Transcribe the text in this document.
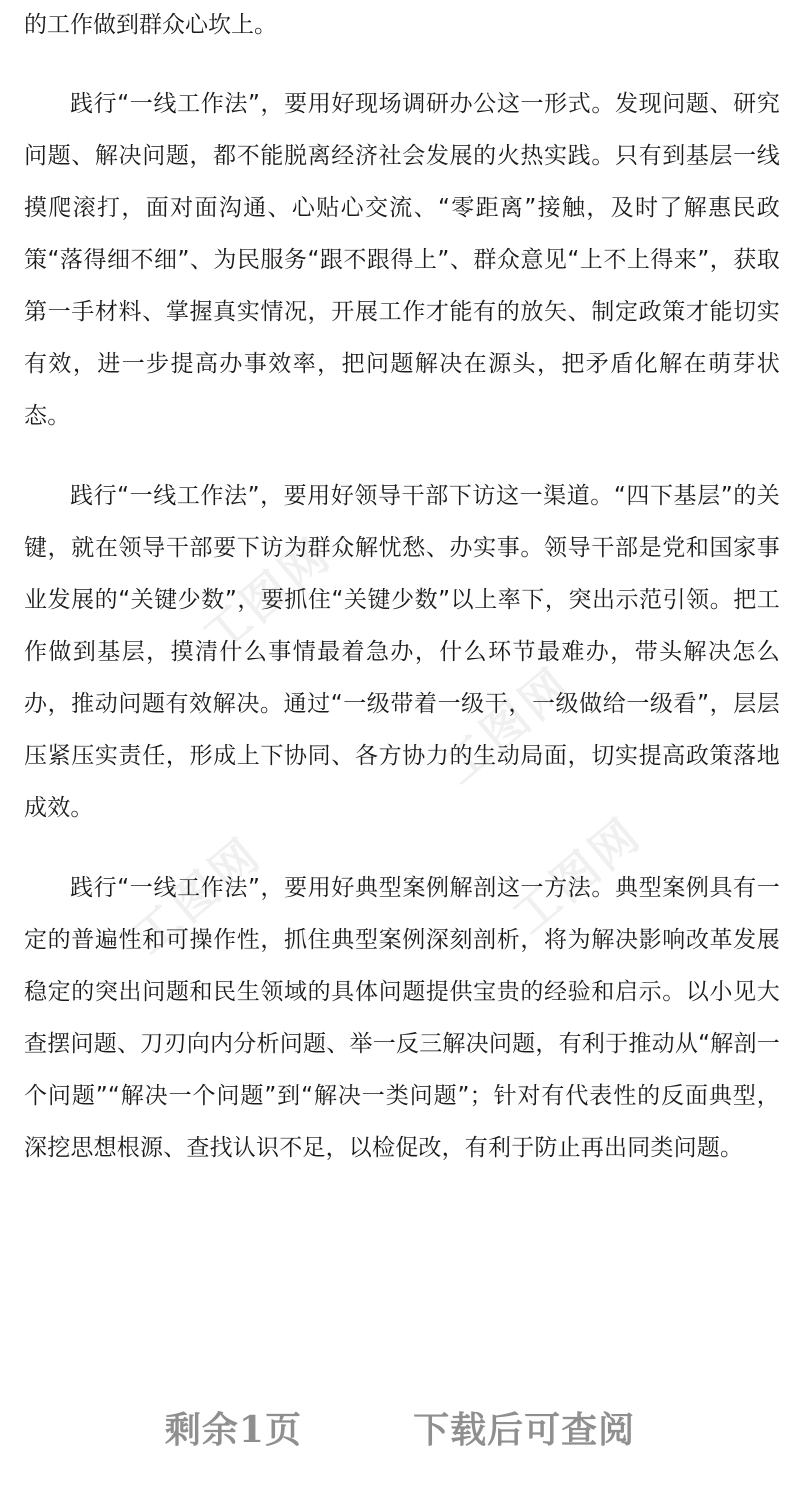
工图网
工图网	工图网
工图网

的工作做到群众心坎上。

践行“一线工作法”，要用好现场调研办公这一形式。发现问题、研究问题、解决问题，都不能脱离经济社会发展的火热实践。只有到基层一线摸爬滚打，面对面沟通、心贴心交流、“零距离”接触，及时了解惠民政策“落得细不细”、为民服务“跟不跟得上”、群众意见“上不上得来”，获取第一手材料、掌握真实情况，开展工作才能有的放矢、制定政策才能切实有效，进一步提高办事效率，把问题解决在源头，把矛盾化解在萌芽状态。

践行“一线工作法”，要用好领导干部下访这一渠道。“四下基层”的关键，就在领导干部要下访为群众解忧愁、办实事。领导干部是党和国家事业发展的“关键少数”，要抓住“关键少数”以上率下，突出示范引领。把工作做到基层，摸清什么事情最着急办，什么环节最难办，带头解决怎么办，推动问题有效解决。通过“一级带着一级干，一级做给一级看”，层层压紧压实责任，形成上下协同、各方协力的生动局面，切实提高政策落地成效。

践行“一线工作法”，要用好典型案例解剖这一方法。典型案例具有一定的普遍性和可操作性，抓住典型案例深刻剖析，将为解决影响改革发展稳定的突出问题和民生领域的具体问题提供宝贵的经验和启示。以小见大查摆问题、刀刃向内分析问题、举一反三解决问题，有利于推动从“解剖一个问题”“解决一个问题”到“解决一类问题”；针对有代表性的反面典型，深挖思想根源、查找认识不足，以检促改，有利于防止再出同类问题。

剩余1页	下载后可查阅
